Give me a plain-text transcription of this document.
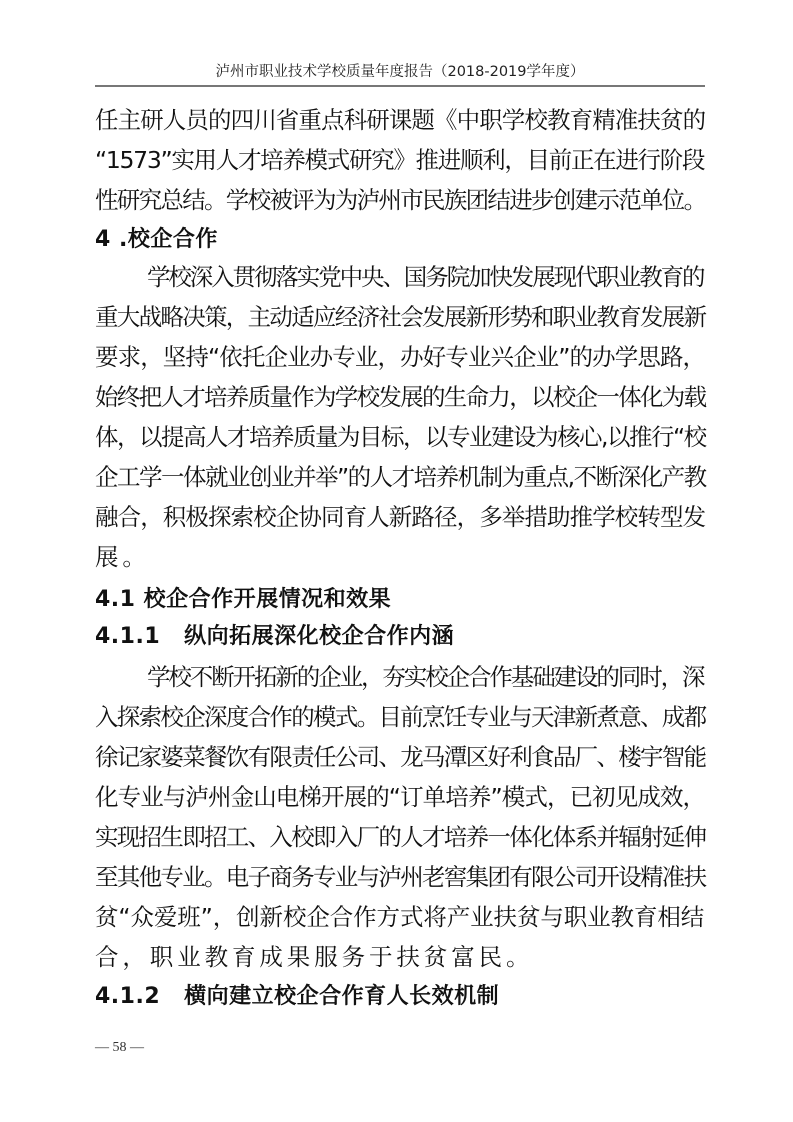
泸州市职业技术学校质量年度报告（2018-2019学年度）
任主研人员的四川省重点科研课题《中职学校教育精准扶贫的
“1573”实用人才培养模式研究》推进顺利，目前正在进行阶段
性研究总结。学校被评为为泸州市民族团结进步创建示范单位。
4 .校企合作
学校深入贯彻落实党中央、国务院加快发展现代职业教育的
重大战略决策，主动适应经济社会发展新形势和职业教育发展新
要求，坚持“依托企业办专业，办好专业兴企业”的办学思路，
始终把人才培养质量作为学校发展的生命力，以校企一体化为载
体，以提高人才培养质量为目标，以专业建设为核心,以推行“校
企工学一体就业创业并举”的人才培养机制为重点,不断深化产教
融合，积极探索校企协同育人新路径，多举措助推学校转型发
展。
4.1 校企合作开展情况和效果
4.1.1 纵向拓展深化校企合作内涵
学校不断开拓新的企业，夯实校企合作基础建设的同时，深
入探索校企深度合作的模式。目前烹饪专业与天津新煮意、成都
徐记家婆菜餐饮有限责任公司、龙马潭区好利食品厂、楼宇智能
化专业与泸州金山电梯开展的“订单培养”模式，已初见成效，
实现招生即招工、入校即入厂的人才培养一体化体系并辐射延伸
至其他专业。电子商务专业与泸州老窖集团有限公司开设精准扶
贫“众爱班”，创新校企合作方式将产业扶贫与职业教育相结
合，职业教育成果服务于扶贫富民。
4.1.2 横向建立校企合作育人长效机制
— 58 —
